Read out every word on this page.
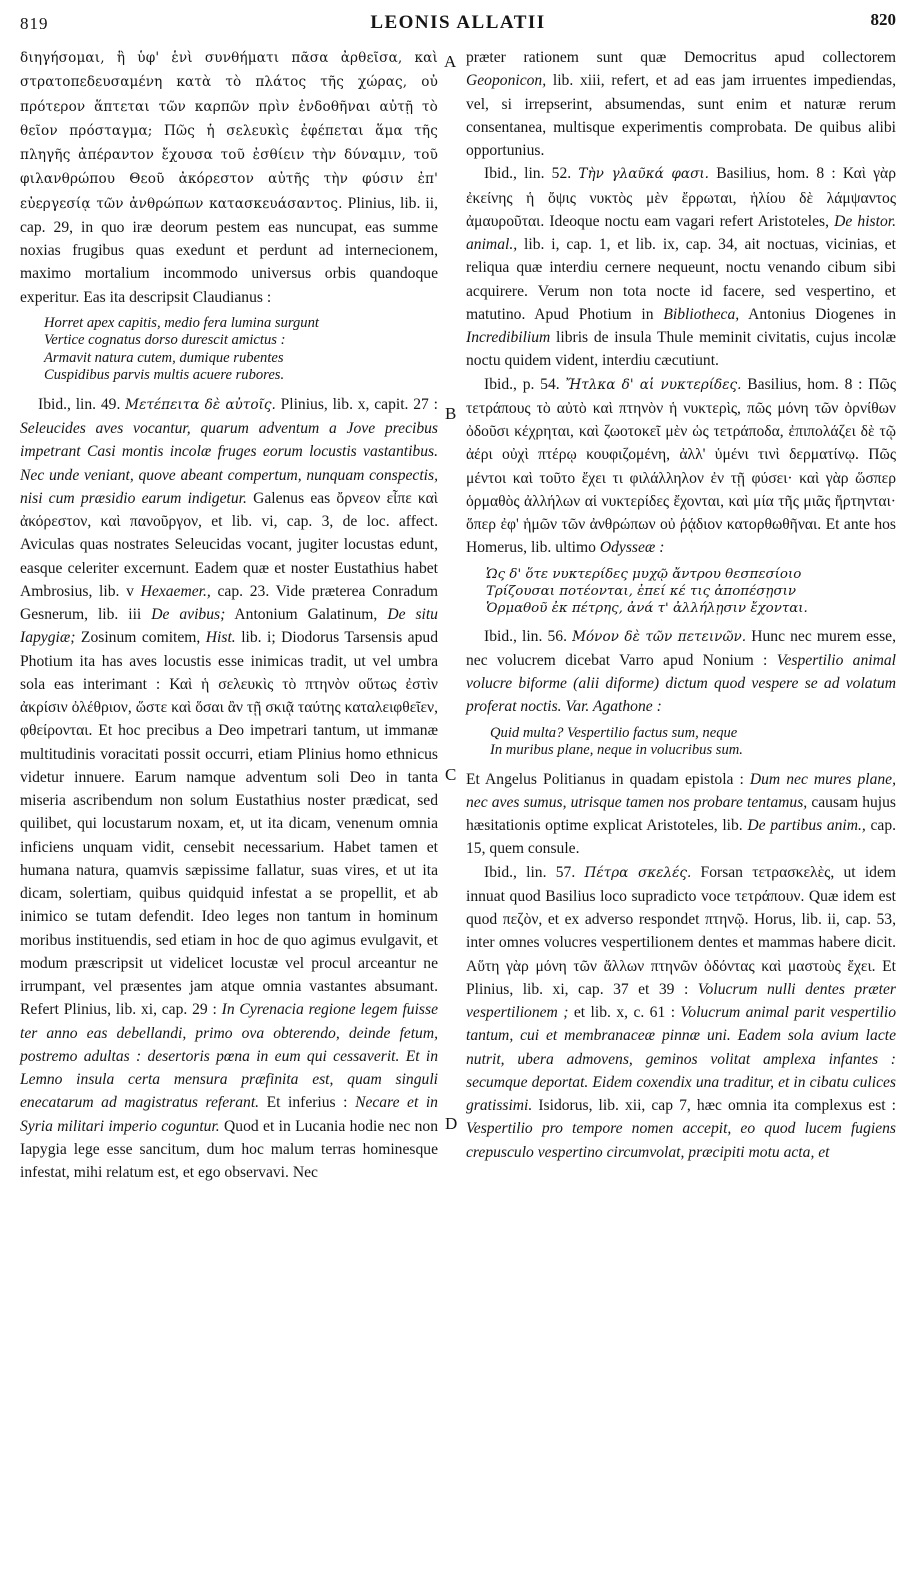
819	LEONIS ALLATII	820
A
B
C
D

διηγήσομαι, ἣ ὑφ' ἑνὶ συνθήματι πᾶσα ἀρθεῖσα, καὶ στρατοπεδευσαμένη κατὰ τὸ πλάτος τῆς χώρας, οὐ πρότερον ἅπτεται τῶν καρπῶν πρὶν ἐνδοθῆναι αὐτῇ τὸ θεῖον πρόσταγμα; Πῶς ἡ σελευκὶς ἐφέπεται ἅμα τῆς πληγῆς ἀπέραντον ἔχουσα τοῦ ἐσθίειν τὴν δύναμιν, τοῦ φιλανθρώπου Θεοῦ ἀκόρεστον αὐτῆς τὴν φύσιν ἐπ' εὐεργεσίᾳ τῶν ἀνθρώπων κατασκευάσαντος. Plinius, lib. ii, cap. 29, in quo iræ deorum pestem eas nuncupat, eas summe noxias frugibus quas exedunt et perdunt ad internecionem, maximo mortalium incommodo universus orbis quandoque experitur. Eas ita descripsit Claudianus :

Horret apex capitis, medio fera lumina surgunt
Vertice cognatus dorso durescit amictus :
Armavit natura cutem, dumique rubentes
Cuspidibus parvis multis acuere rubores.

Ibid., lin. 49. Μετέπειτα δὲ αὐτοῖς. Plinius, lib. x, capit. 27 : Seleucides aves vocantur, quarum adventum a Jove precibus impetrant Casi montis incolæ fruges eorum locustis vastantibus. Nec unde veniant, quove abeant compertum, nunquam conspectis, nisi cum præsidio earum indigetur. Galenus eas ὄρνεον εἶπε καὶ ἀκόρεστον, καὶ πανοῦργον, et lib. vi, cap. 3, de loc. affect. Aviculas quas nostrates Seleucidas vocant, jugiter locustas edunt, easque celeriter excernunt. Eadem quæ et noster Eustathius habet Ambrosius, lib. v Hexaemer., cap. 23. Vide præterea Conradum Gesnerum, lib. iii De avibus; Antonium Galatinum, De situ Iapygiæ; Zosinum comitem, Hist. lib. i; Diodorus Tarsensis apud Photium ita has aves locustis esse inimicas tradit, ut vel umbra sola eas interimant : Καὶ ἡ σελευκὶς τὸ πτηνὸν οὕτως ἐστὶν ἀκρίσιν ὀλέθριον, ὥστε καὶ ὅσαι ἂν τῇ σκιᾷ ταύτης καταλειφθεῖεν, φθείρονται. Et hoc precibus a Deo impetrari tantum, ut immanæ multitudinis voracitati possit occurri, etiam Plinius homo ethnicus videtur innuere. Earum namque adventum soli Deo in tanta miseria ascribendum non solum Eustathius noster prædicat, sed quilibet, qui locustarum noxam, et, ut ita dicam, venenum omnia inficiens unquam vidit, censebit necessarium. Habet tamen et humana natura, quamvis sæpissime fallatur, suas vires, et ut ita dicam, solertiam, quibus quidquid infestat a se propellit, et ab inimico se tutam defendit. Ideo leges non tantum in hominum moribus instituendis, sed etiam in hoc de quo agimus evulgavit, et modum præscripsit ut videlicet locustæ vel procul arceantur ne irrumpant, vel præsentes jam atque omnia vastantes absumant. Refert Plinius, lib. xi, cap. 29 : In Cyrenacia regione legem fuisse ter anno eas debellandi, primo ova obterendo, deinde fetum, postremo adultas : desertoris pœna in eum qui cessaverit. Et in Lemno insula certa mensura præfinita est, quam singuli enecatarum ad magistratus referant. Et inferius : Necare et in Syria militari imperio coguntur. Quod et in Lucania hodie nec non Iapygia lege esse sancitum, dum hoc malum terras hominesque infestat, mihi relatum est, et ego observavi. Nec

præter rationem sunt quæ Democritus apud collectorem Geoponicon, lib. xiii, refert, et ad eas jam irruentes impediendas, vel, si irrepserint, absumendas, sunt enim et naturæ rerum consentanea, multisque experimentis comprobata. De quibus alibi opportunius.

Ibid., lin. 52. Τὴν γλαῦκά φασι. Basilius, hom. 8 : Καὶ γὰρ ἐκείνης ἡ ὄψις νυκτὸς μὲν ἔρρωται, ἡλίου δὲ λάμψαντος ἀμαυροῦται. Ideoque noctu eam vagari refert Aristoteles, De histor. animal., lib. i, cap. 1, et lib. ix, cap. 34, ait noctuas, vicinias, et reliqua quæ interdiu cernere nequeunt, noctu venando cibum sibi acquirere. Verum non tota nocte id facere, sed vespertino, et matutino. Apud Photium in Bibliotheca, Antonius Diogenes in Incredibilium libris de insula Thule meminit civitatis, cujus incolæ noctu quidem vident, interdiu cæcutiunt.

Ibid., p. 54. Ἤτλκα δ' αἱ νυκτερίδες. Basilius, hom. 8 : Πῶς τετράπους τὸ αὐτὸ καὶ πτηνὸν ἡ νυκτερὶς, πῶς μόνη τῶν ὀρνίθων ὀδοῦσι κέχρηται, καὶ ζωοτοκεῖ μὲν ὡς τετράποδα, ἐπιπολάζει δὲ τῷ ἀέρι οὐχὶ πτέρῳ κουφιζομένη, ἀλλ' ὑμένι τινὶ δερματίνῳ. Πῶς μέντοι καὶ τοῦτο ἔχει τι φιλάλληλον ἐν τῇ φύσει· καὶ γὰρ ὥσπερ ὁρμαθὸς ἀλλήλων αἱ νυκτερίδες ἔχονται, καὶ μία τῆς μιᾶς ἤρτηνται· ὅπερ ἐφ' ἡμῶν τῶν ἀνθρώπων οὐ ῥᾴδιον κατορθωθῆναι. Et ante hos Homerus, lib. ultimo Odysseæ :

Ὡς δ' ὅτε νυκτερίδες μυχῷ ἄντρου θεσπεσίοιο
Τρίζουσαι ποτέονται, ἐπεί κέ τις ἀποπέσῃσιν
Ὁρμαθοῦ ἐκ πέτρης, ἀνά τ' ἀλλήλῃσιν ἔχονται.

Ibid., lin. 56. Μόνον δὲ τῶν πετεινῶν. Hunc nec murem esse, nec volucrem dicebat Varro apud Nonium : Vespertilio animal volucre biforme (alii diforme) dictum quod vespere se ad volatum proferat noctis. Var. Agathone :

Quid multa? Vespertilio factus sum, neque
In muribus plane, neque in volucribus sum.

Et Angelus Politianus in quadam epistola : Dum nec mures plane, nec aves sumus, utrisque tamen nos probare tentamus, causam hujus hæsitationis optime explicat Aristoteles, lib. De partibus anim., cap. 15, quem consule.

Ibid., lin. 57. Πέτρα σκελές. Forsan τετρασκελὲς, ut idem innuat quod Basilius loco supradicto voce τετράπουν. Quæ idem est quod πεζὸν, et ex adverso respondet πτηνῷ. Horus, lib. ii, cap. 53, inter omnes volucres vespertilionem dentes et mammas habere dicit. Αὕτη γὰρ μόνη τῶν ἄλλων πτηνῶν ὀδόντας καὶ μαστοὺς ἔχει. Et Plinius, lib. xi, cap. 37 et 39 : Volucrum nulli dentes præter vespertilionem ; et lib. x, c. 61 : Volucrum animal parit vespertilio tantum, cui et membranaceæ pinnæ uni. Eadem sola avium lacte nutrit, ubera admovens, geminos volitat amplexa infantes : secumque deportat. Eidem coxendix una traditur, et in cibatu culices gratissimi. Isidorus, lib. xii, cap 7, hæc omnia ita complexus est : Vespertilio pro tempore nomen accepit, eo quod lucem fugiens crepusculo vespertino circumvolat, præcipiti motu acta, et
